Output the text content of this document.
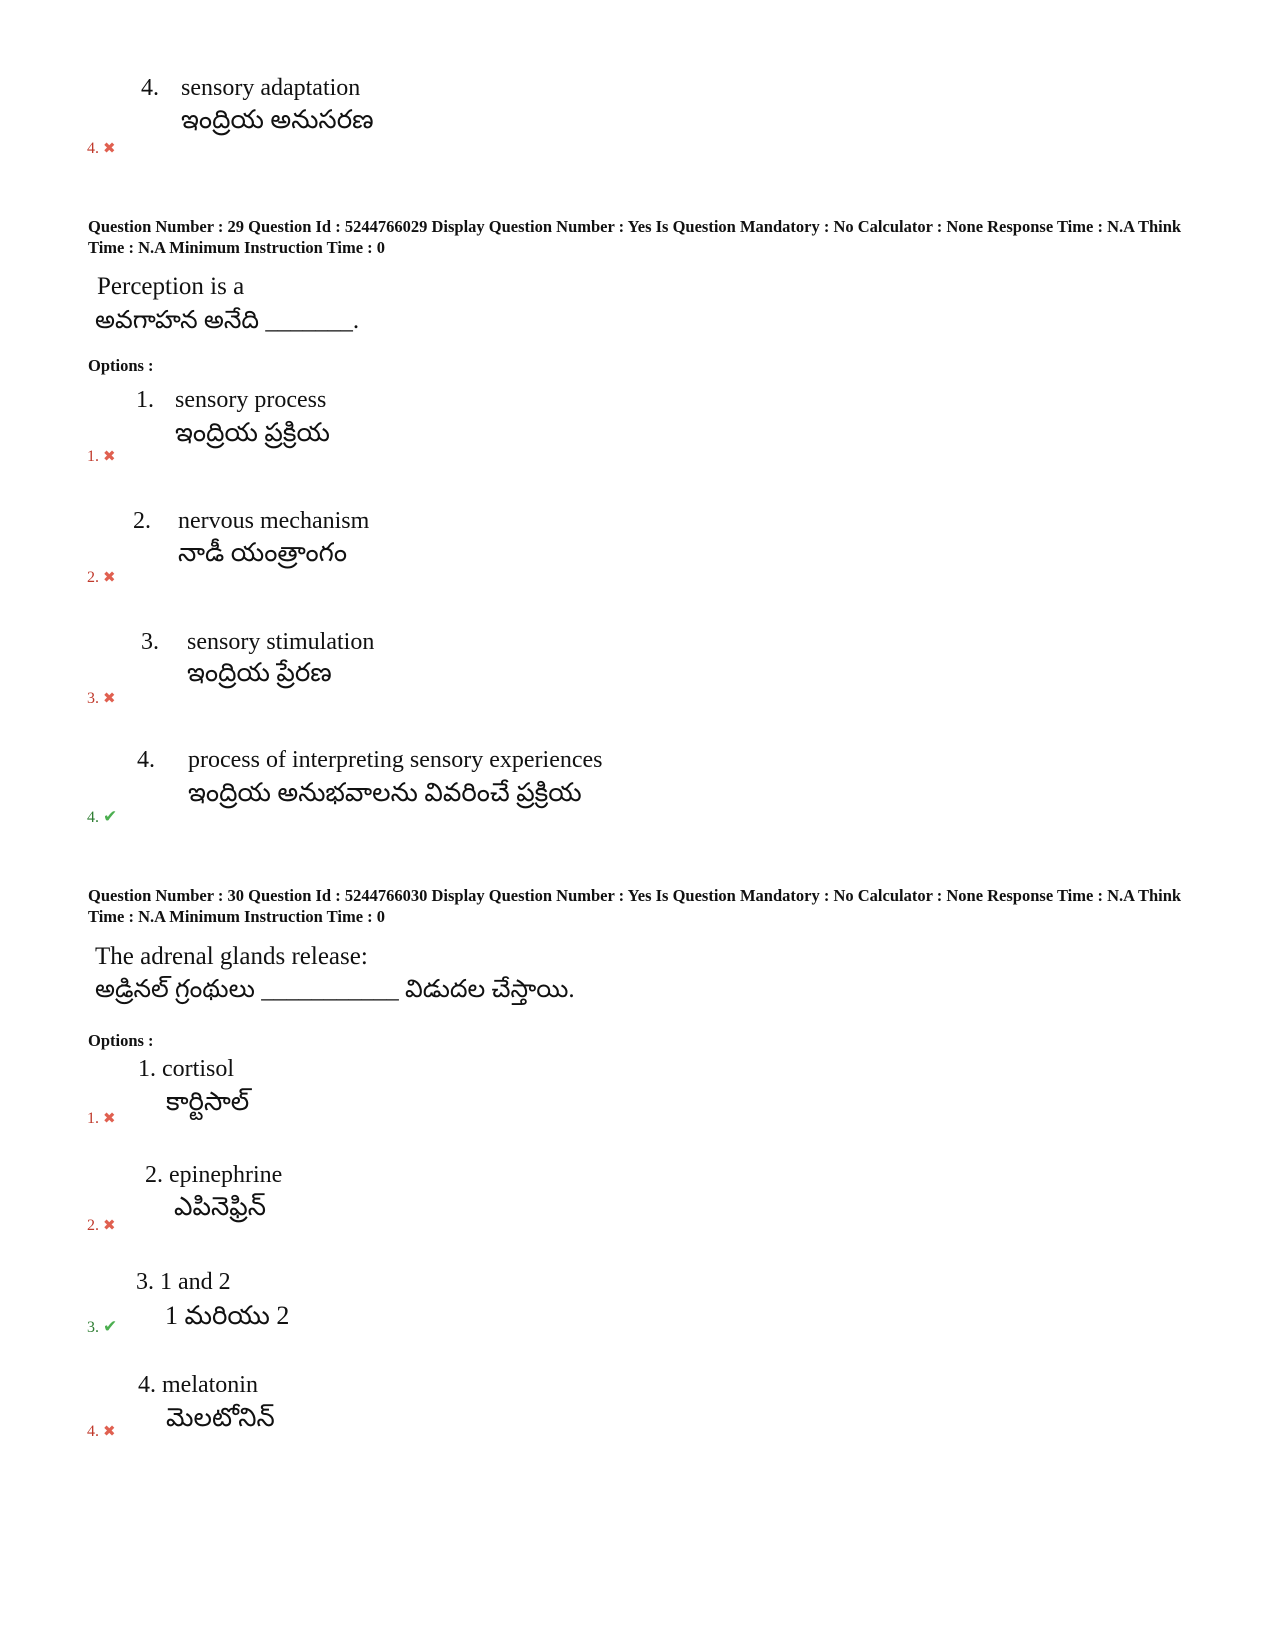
4. sensory adaptation
ఇంద్రియ అనుసరణ
4. ✖
Question Number : 29 Question Id : 5244766029 Display Question Number : Yes Is Question Mandatory : No Calculator : None Response Time : N.A Think Time : N.A Minimum Instruction Time : 0
Perception is a
అవగాహన అనేది _______.
Options :
1. sensory process
ఇంద్రియ ప్రక్రియ
1. ✖
2. nervous mechanism
నాడీ యంత్రాంగం
2. ✖
3. sensory stimulation
ఇంద్రియ ప్రేరణ
3. ✖
4. process of interpreting sensory experiences
ఇంద్రియ అనుభవాలను వివరించే ప్రక్రియ
4. ✔
Question Number : 30 Question Id : 5244766030 Display Question Number : Yes Is Question Mandatory : No Calculator : None Response Time : N.A Think Time : N.A Minimum Instruction Time : 0
The adrenal glands release:
అడ్రినల్ గ్రంథులు ___________ విడుదల చేస్తాయి.
Options :
1. cortisol
కార్టిసాల్
1. ✖
2. epinephrine
ఎపినెఫ్రిన్
2. ✖
3. 1 and 2
1 మరియు 2
3. ✔
4. melatonin
మెలటోనిన్
4. ✖
